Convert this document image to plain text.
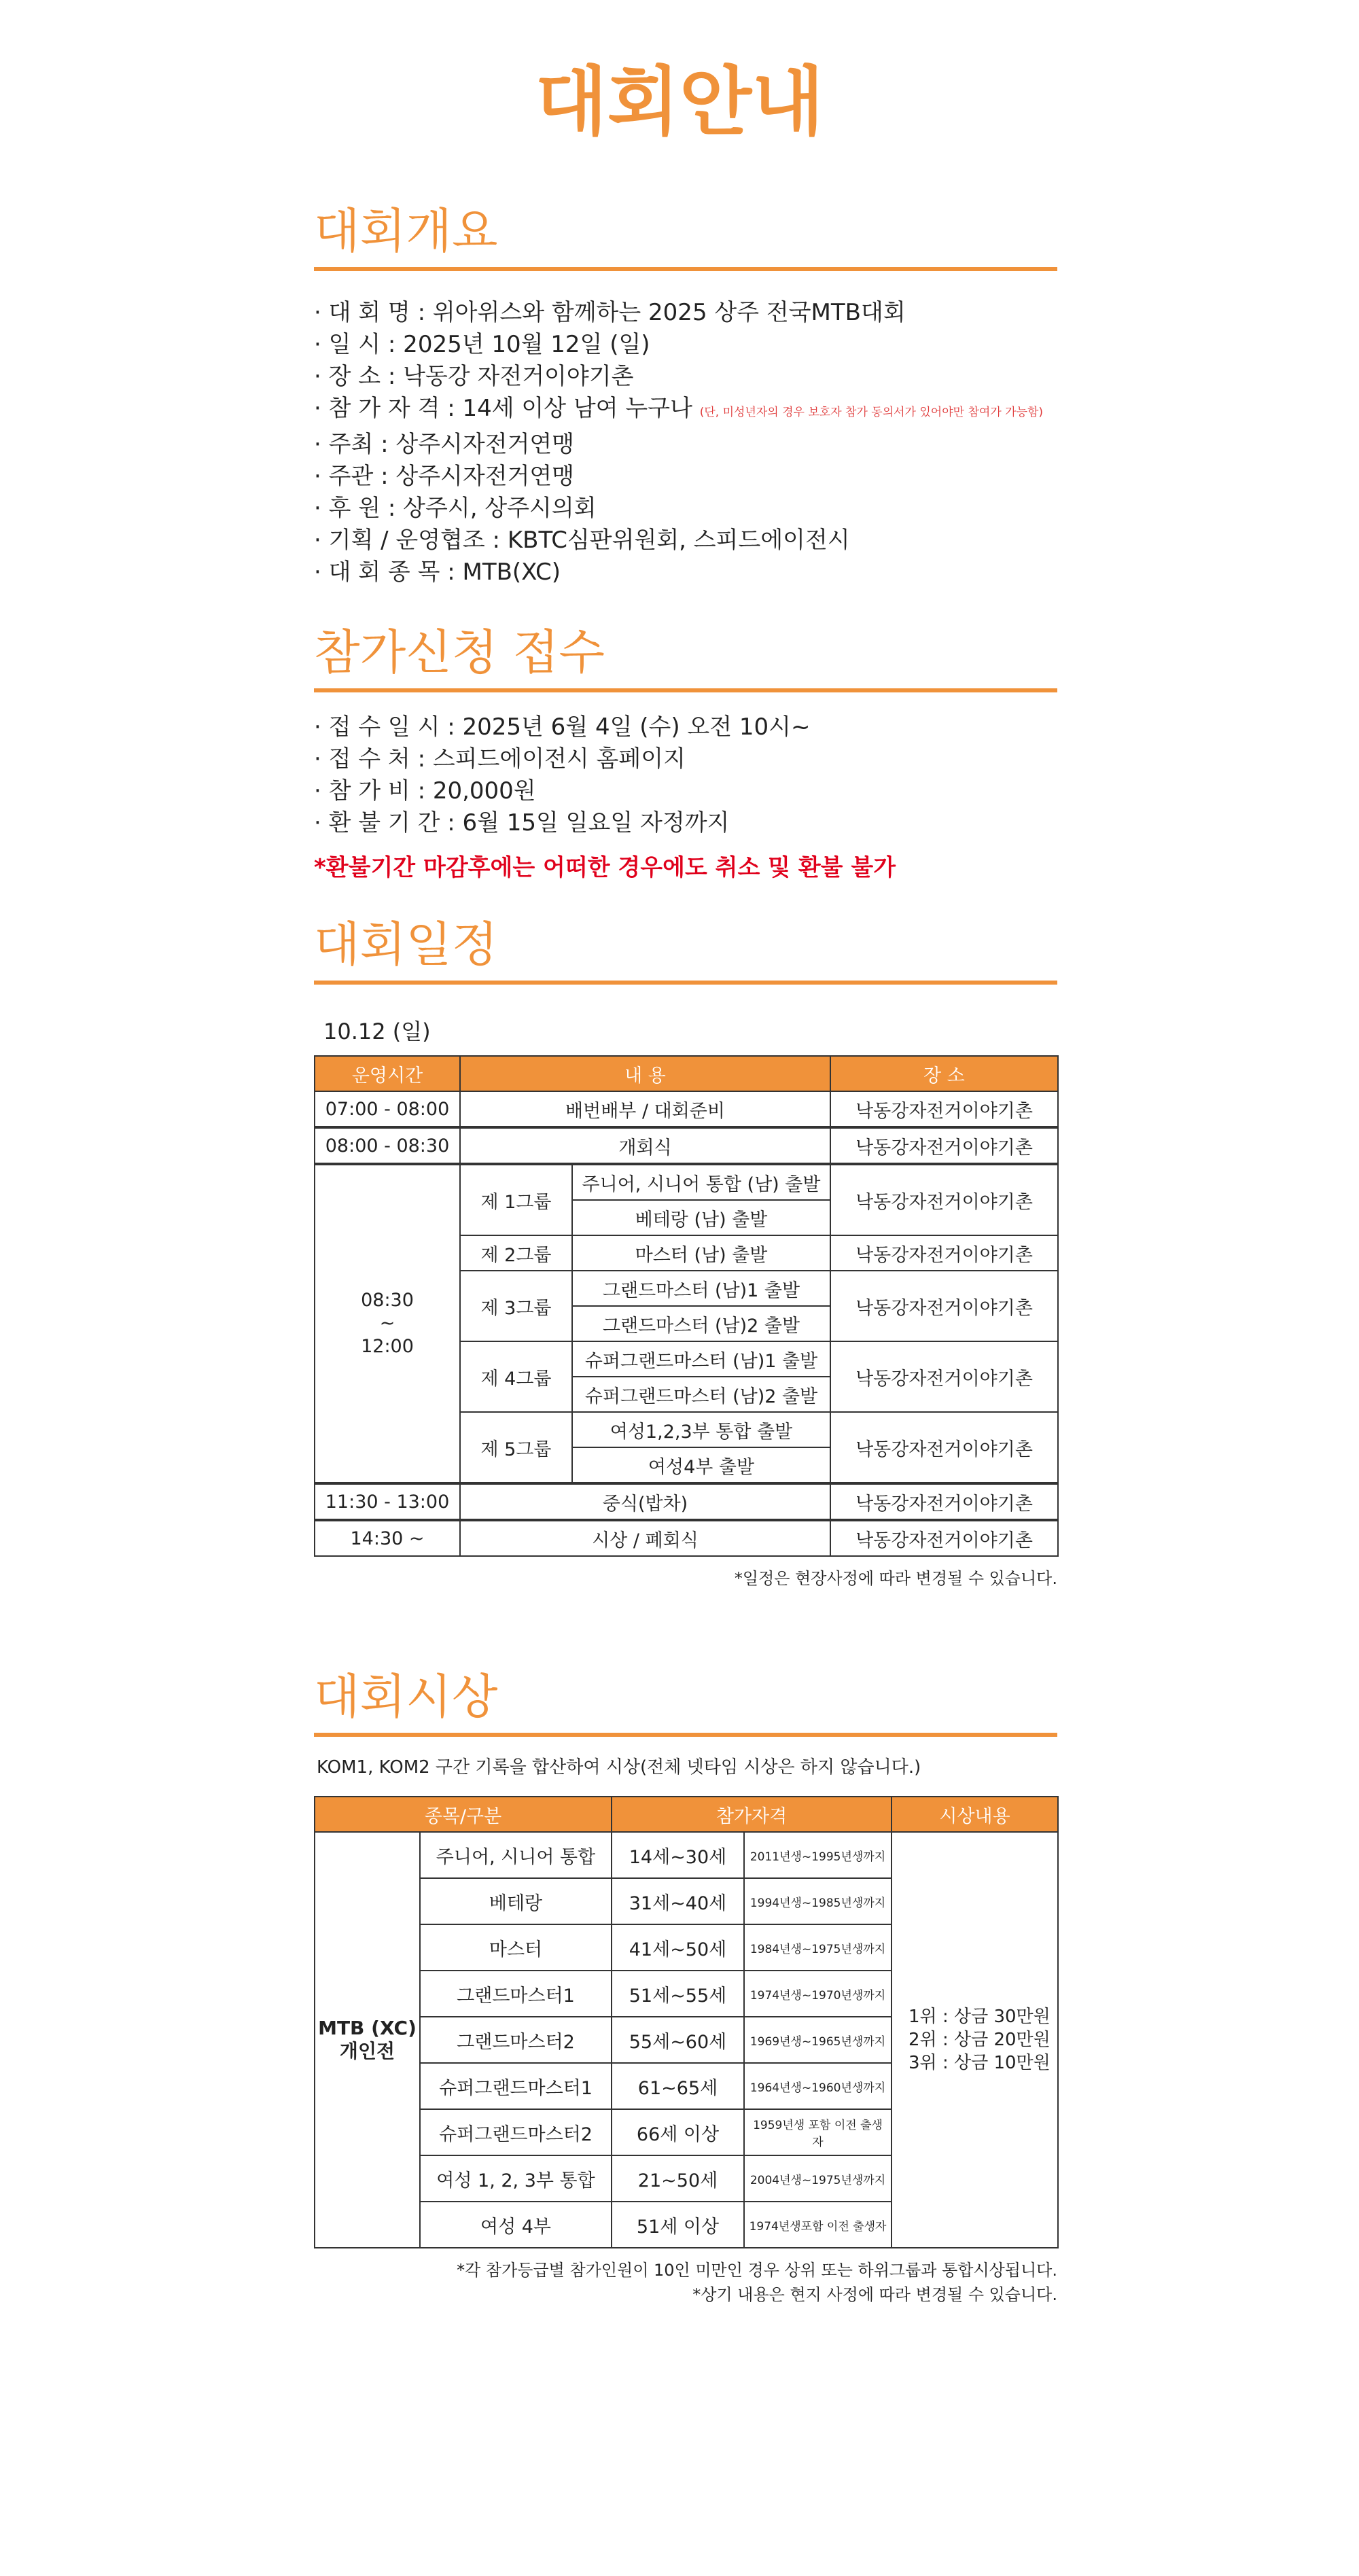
대회안내
대회개요
· 대 회 명 : 위아위스와 함께하는 2025 상주 전국MTB대회
· 일 시 : 2025년 10월 12일 (일)
· 장 소 : 낙동강 자전거이야기촌
· 참 가 자 격 : 14세 이상 남여 누구나 (단, 미성년자의 경우 보호자 참가 동의서가 있어야만 참여가 가능함)
· 주최 : 상주시자전거연맹
· 주관 : 상주시자전거연맹
· 후 원 : 상주시, 상주시의회
· 기획 / 운영협조 : KBTC심판위원회, 스피드에이전시
· 대 회 종 목 : MTB(XC)
참가신청 접수
· 접 수 일 시 : 2025년 6월 4일 (수) 오전 10시~
· 접 수 처 : 스피드에이전시 홈페이지
· 참 가 비 : 20,000원
· 환 불 기 간 : 6월 15일 일요일 자정까지
*환불기간 마감후에는 어떠한 경우에도 취소 및 환불 불가
대회일정
10.12 (일)
운영시간	내 용		장 소
07:00 - 08:00	배번배부 / 대회준비		낙동강자전거이야기촌
08:00 - 08:30	개회식		낙동강자전거이야기촌
08:30
~
12:00	제 1그룹	주니어, 시니어 통합 (남) 출발	낙동강자전거이야기촌
		베테랑 (남) 출발	
	제 2그룹	마스터 (남) 출발	낙동강자전거이야기촌
	제 3그룹	그랜드마스터 (남)1 출발	낙동강자전거이야기촌
		그랜드마스터 (남)2 출발	
	제 4그룹	슈퍼그랜드마스터 (남)1 출발	낙동강자전거이야기촌
		슈퍼그랜드마스터 (남)2 출발	
	제 5그룹	여성1,2,3부 통합 출발	낙동강자전거이야기촌
		여성4부 출발	
11:30 - 13:00	중식(밥차)		낙동강자전거이야기촌
14:30 ~	시상 / 폐회식		낙동강자전거이야기촌
*일정은 현장사정에 따라 변경될 수 있습니다.
대회시상
KOM1, KOM2 구간 기록을 합산하여 시상(전체 넷타임 시상은 하지 않습니다.)
종목/구분		참가자격		시상내용
MTB (XC)
개인전	주니어, 시니어 통합	14세~30세	2011년생~1995년생까지	1위 : 상금 30만원
2위 : 상금 20만원
3위 : 상금 10만원
	베테랑	31세~40세	1994년생~1985년생까지	
	마스터	41세~50세	1984년생~1975년생까지	
	그랜드마스터1	51세~55세	1974년생~1970년생까지	
	그랜드마스터2	55세~60세	1969년생~1965년생까지	
	슈퍼그랜드마스터1	61~65세	1964년생~1960년생까지	
	슈퍼그랜드마스터2	66세 이상	1959년생 포함 이전 출생자	
	여성 1, 2, 3부 통합	21~50세	2004년생~1975년생까지	
	여성 4부	51세 이상	1974년생포함 이전 출생자	
*각 참가등급별 참가인원이 10인 미만인 경우 상위 또는 하위그룹과 통합시상됩니다.
*상기 내용은 현지 사정에 따라 변경될 수 있습니다.
